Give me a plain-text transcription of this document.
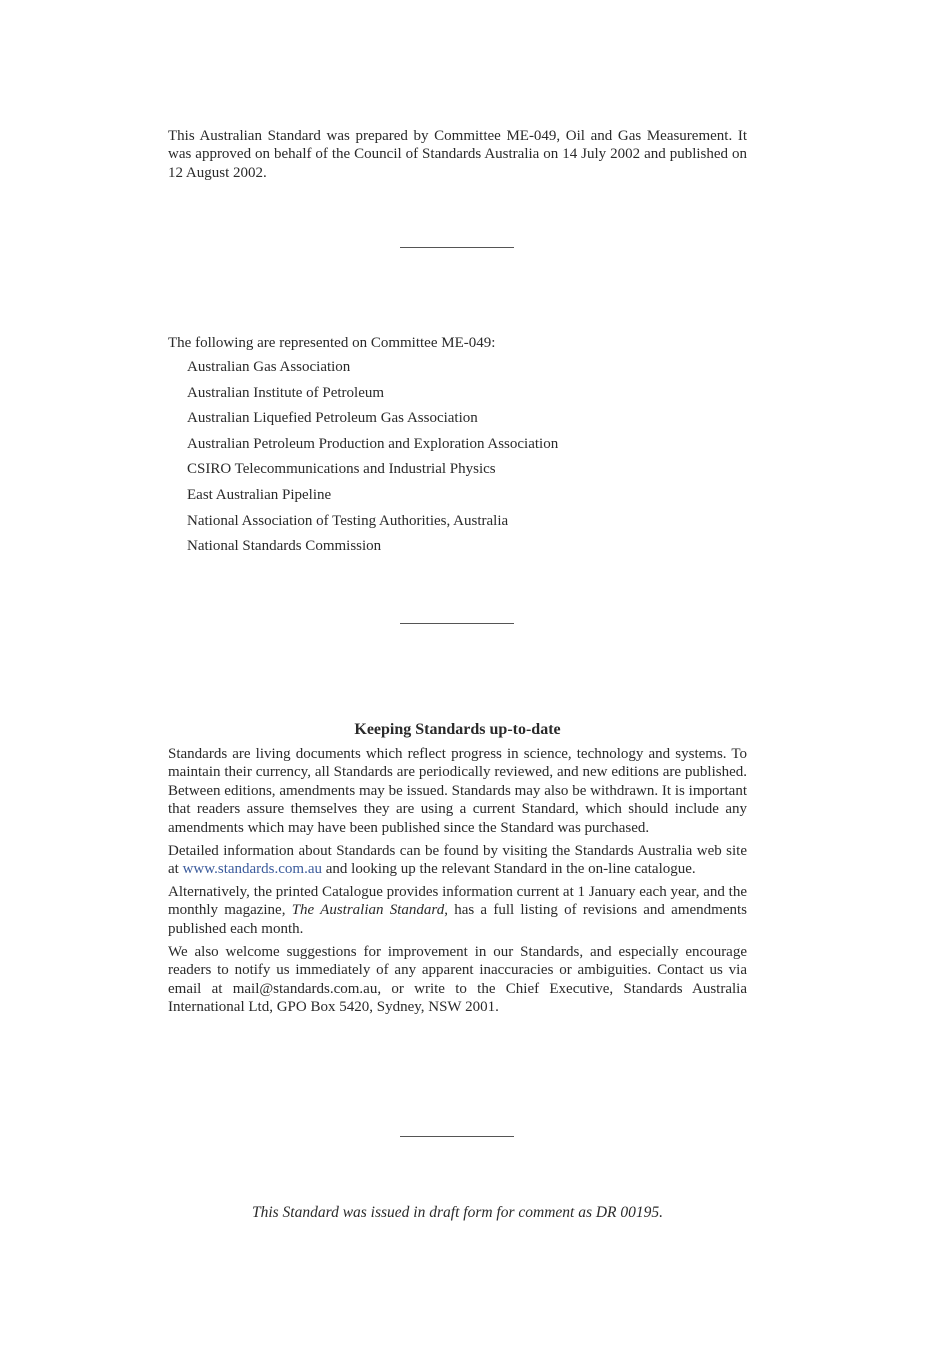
This Australian Standard was prepared by Committee ME-049, Oil and Gas Measurement. It was approved on behalf of the Council of Standards Australia on 14 July 2002 and published on 12 August 2002.

The following are represented on Committee ME-049:

Australian Gas Association
Australian Institute of Petroleum
Australian Liquefied Petroleum Gas Association
Australian Petroleum Production and Exploration Association
CSIRO Telecommunications and Industrial Physics
East Australian Pipeline
National Association of Testing Authorities, Australia
National Standards Commission
Keeping Standards up-to-date

Standards are living documents which reflect progress in science, technology and systems. To maintain their currency, all Standards are periodically reviewed, and new editions are published. Between editions, amendments may be issued. Standards may also be withdrawn. It is important that readers assure themselves they are using a current Standard, which should include any amendments which may have been published since the Standard was purchased.

Detailed information about Standards can be found by visiting the Standards Australia web site at www.standards.com.au and looking up the relevant Standard in the on-line catalogue.

Alternatively, the printed Catalogue provides information current at 1 January each year, and the monthly magazine, The Australian Standard, has a full listing of revisions and amendments published each month.

We also welcome suggestions for improvement in our Standards, and especially encourage readers to notify us immediately of any apparent inaccuracies or ambiguities. Contact us via email at mail@standards.com.au, or write to the Chief Executive, Standards Australia International Ltd, GPO Box 5420, Sydney, NSW 2001.

This Standard was issued in draft form for comment as DR 00195.
